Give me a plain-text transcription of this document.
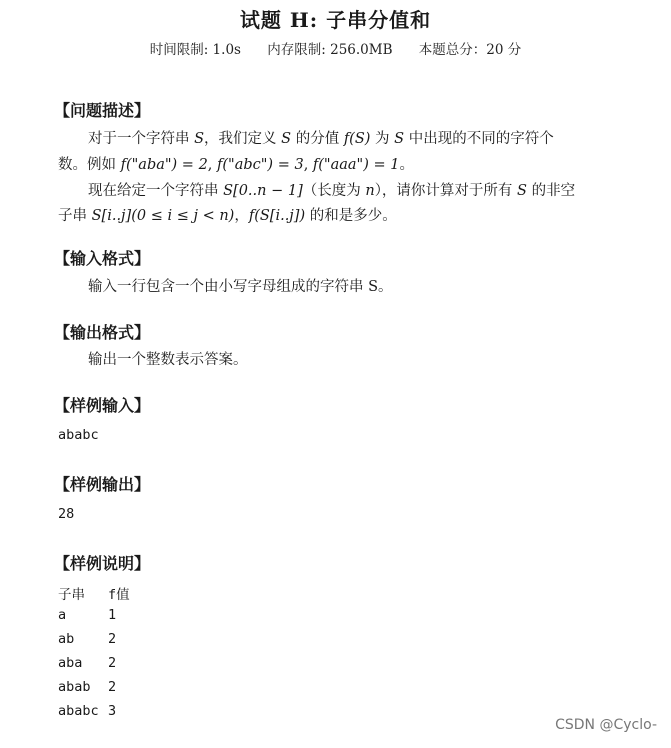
试题 H: 子串分值和
时间限制: 1.0s 内存限制: 256.0MB 本题总分：20 分
【问题描述】
对于一个字符串 S，我们定义 S 的分值 f(S) 为 S 中出现的不同的字符个
数。例如 f("aba") = 2, f("abc") = 3, f("aaa") = 1。
现在给定一个字符串 S[0..n − 1]（长度为 n），请你计算对于所有 S 的非空
子串 S[i..j](0 ≤ i ≤ j < n)，f(S[i..j]) 的和是多少。
【输入格式】
输入一行包含一个由小写字母组成的字符串 S。
【输出格式】
输出一个整数表示答案。
【样例输入】
ababc
【样例输出】
28
【样例说明】
子串 f值
a	1
ab 2
aba 2
abab 2
ababc 3
CSDN @Cyclo-
